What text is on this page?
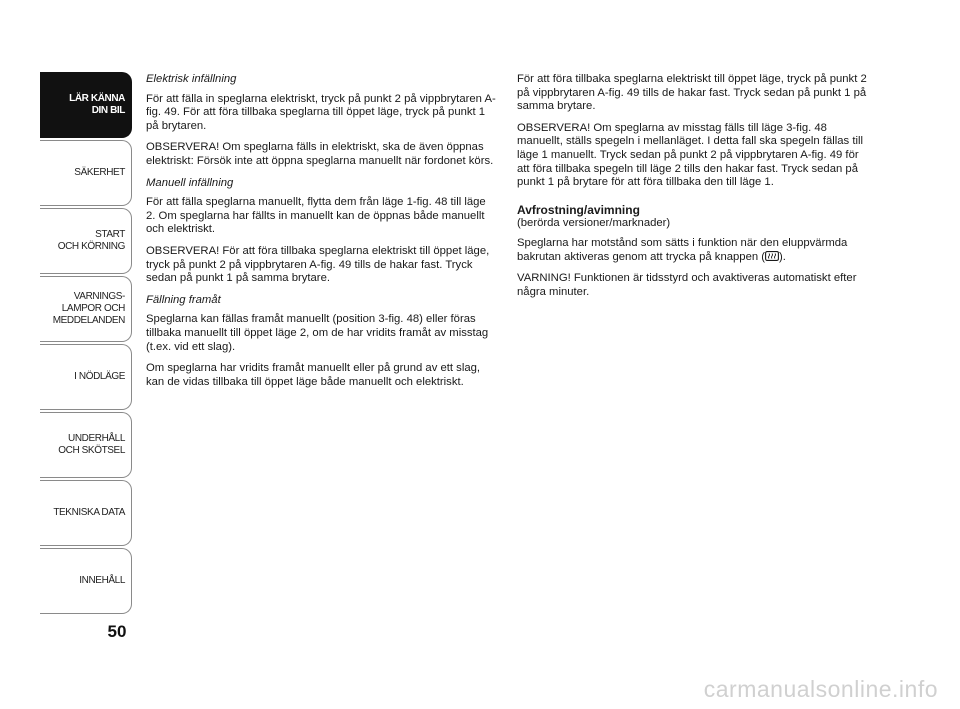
LÄR KÄNNA
DIN BIL
SÄKERHET
START
OCH KÖRNING
VARNINGS-
LAMPOR OCH
MEDDELANDEN
I NÖDLÄGE
UNDERHÅLL
OCH SKÖTSEL
TEKNISKA DATA
INNEHÅLL
50

Elektrisk infällning

För att fälla in speglarna elektriskt, tryck på punkt 2 på vippbrytaren A-fig. 49. För att föra tillbaka speglarna till öppet läge, tryck på punkt 1 på brytaren.

OBSERVERA! Om speglarna fälls in elektriskt, ska de även öppnas elektriskt: Försök inte att öppna speglarna manuellt när fordonet körs.

Manuell infällning

För att fälla speglarna manuellt, flytta dem från läge 1-fig. 48 till läge 2. Om speglarna har fällts in manuellt kan de öppnas både manuellt och elektriskt.

OBSERVERA! För att föra tillbaka speglarna elektriskt till öppet läge, tryck på punkt 2 på vippbrytaren A-fig. 49 tills de hakar fast. Tryck sedan på punkt 1 på samma brytare.

Fällning framåt

Speglarna kan fällas framåt manuellt (position 3-fig. 48) eller föras tillbaka manuellt till öppet läge 2, om de har vridits framåt av misstag (t.ex. vid ett slag).

Om speglarna har vridits framåt manuellt eller på grund av ett slag, kan de vidas tillbaka till öppet läge både manuellt och elektriskt.

För att föra tillbaka speglarna elektriskt till öppet läge, tryck på punkt 2 på vippbrytaren A-fig. 49 tills de hakar fast. Tryck sedan på punkt 1 på samma brytare.

OBSERVERA! Om speglarna av misstag fälls till läge 3-fig. 48 manuellt, ställs spegeln i mellanläget. I detta fall ska spegeln fällas till läge 1 manuellt. Tryck sedan på punkt 2 på vippbrytaren A-fig. 49 för att föra tillbaka spegeln till läge 2 tills den hakar fast. Tryck sedan på punkt 1 på brytare för att föra tillbaka den till läge 1.

Avfrostning/avimning

(berörda versioner/marknader)

Speglarna har motstånd som sätts i funktion när den eluppvärmda bakrutan aktiveras genom att trycka på knappen ( ).

VARNING! Funktionen är tidsstyrd och avaktiveras automatiskt efter några minuter.

carmanualsonline.info
